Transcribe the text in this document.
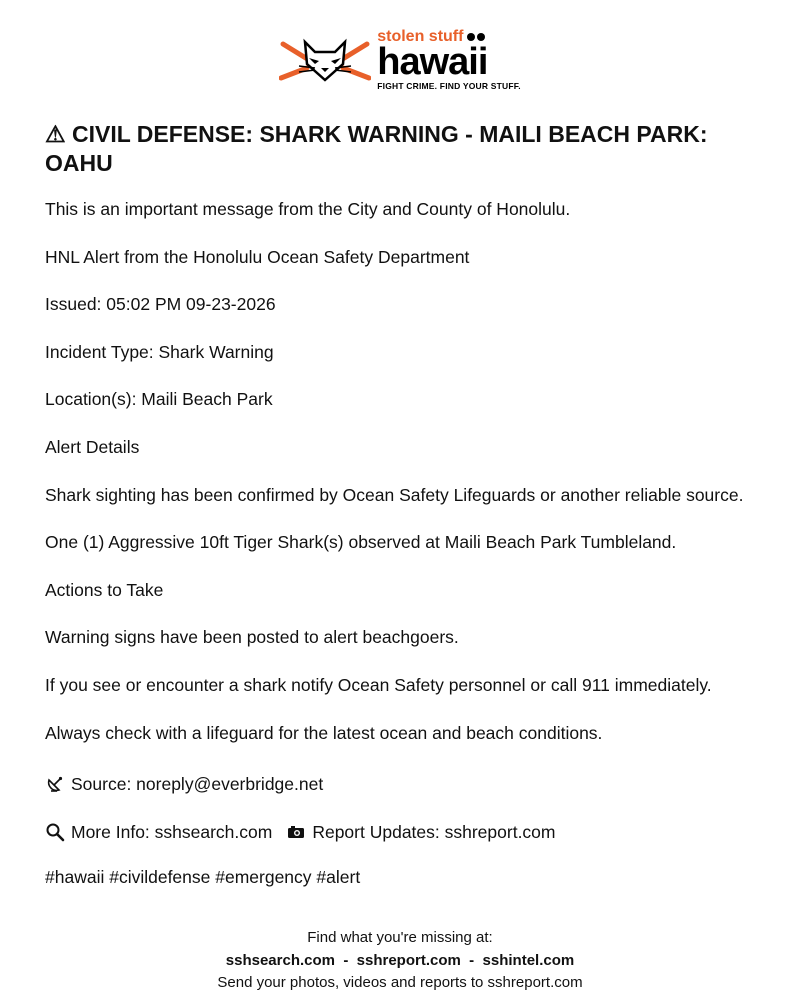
stolen stuff
hawaii
FIGHT CRIME. FIND YOUR STUFF.
⚠ CIVIL DEFENSE: SHARK WARNING - MAILI BEACH PARK: OAHU

This is an important message from the City and County of Honolulu.

HNL Alert from the Honolulu Ocean Safety Department

Issued: 05:02 PM 09-23-2026

Incident Type: Shark Warning

Location(s): Maili Beach Park

Alert Details

Shark sighting has been confirmed by Ocean Safety Lifeguards or another reliable source.

One (1) Aggressive 10ft Tiger Shark(s) observed at Maili Beach Park Tumbleland.

Actions to Take

Warning signs have been posted to alert beachgoers.

If you see or encounter a shark notify Ocean Safety personnel or call 911 immediately.

Always check with a lifeguard for the latest ocean and beach conditions.

Source: noreply@everbridge.net
More Info: sshsearch.com Report Updates: sshreport.com
#hawaii #civildefense #emergency #alert
Find what you're missing at:
sshsearch.com  -  sshreport.com  -  sshintel.com
Send your photos, videos and reports to sshreport.com
